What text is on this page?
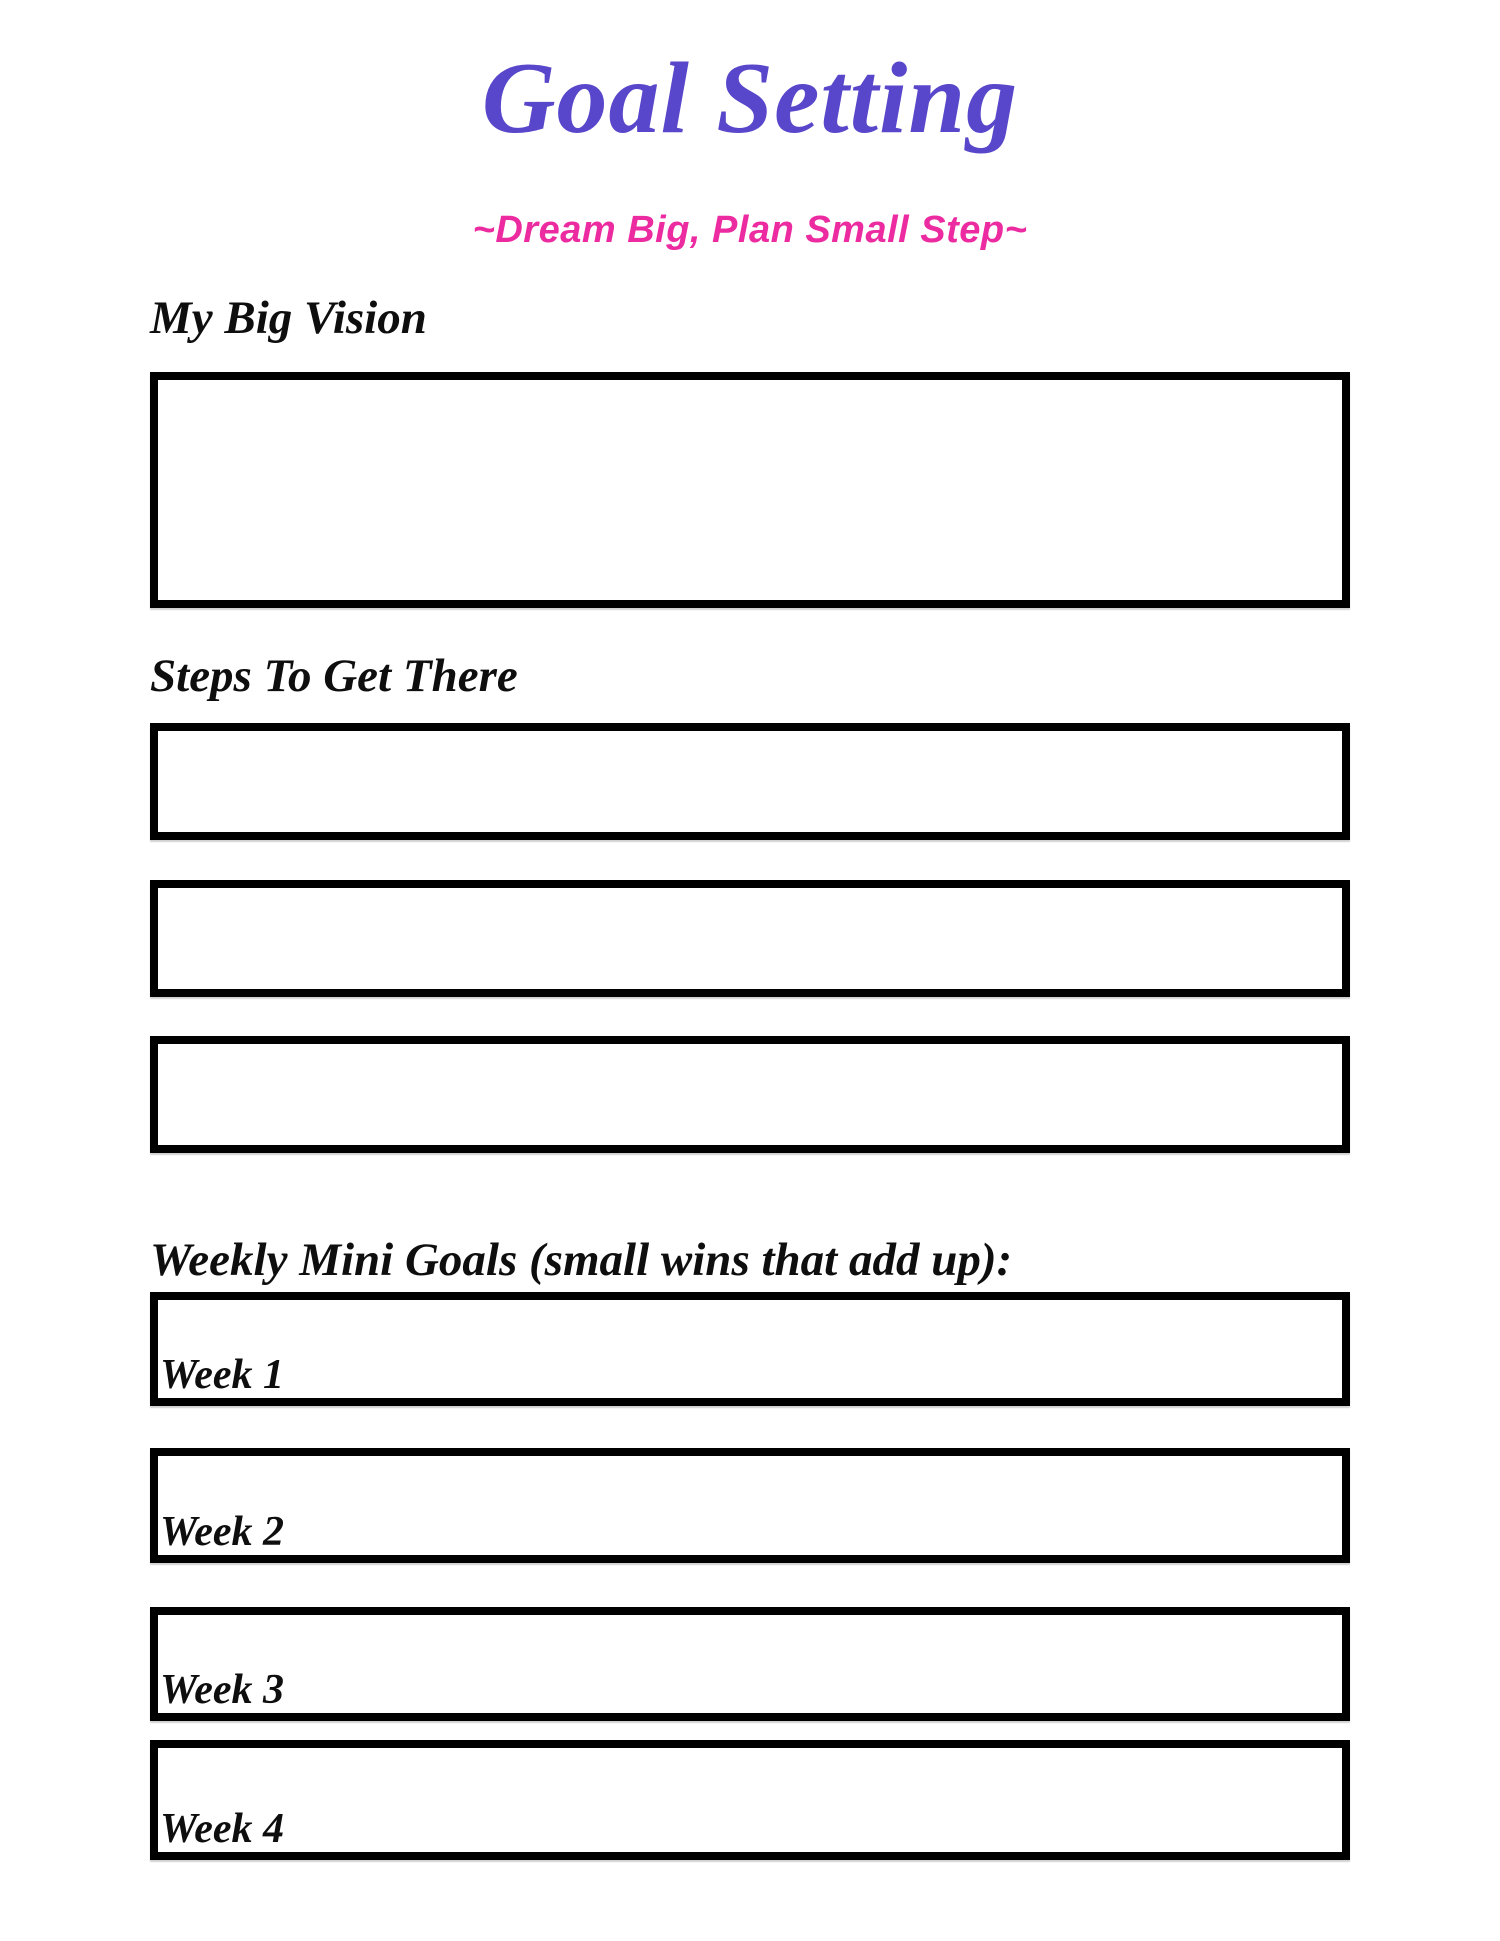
Goal Setting
~Dream Big, Plan Small Step~
My Big Vision
Steps To Get There
Weekly Mini Goals (small wins that add up):
Week 1
Week 2
Week 3
Week 4
